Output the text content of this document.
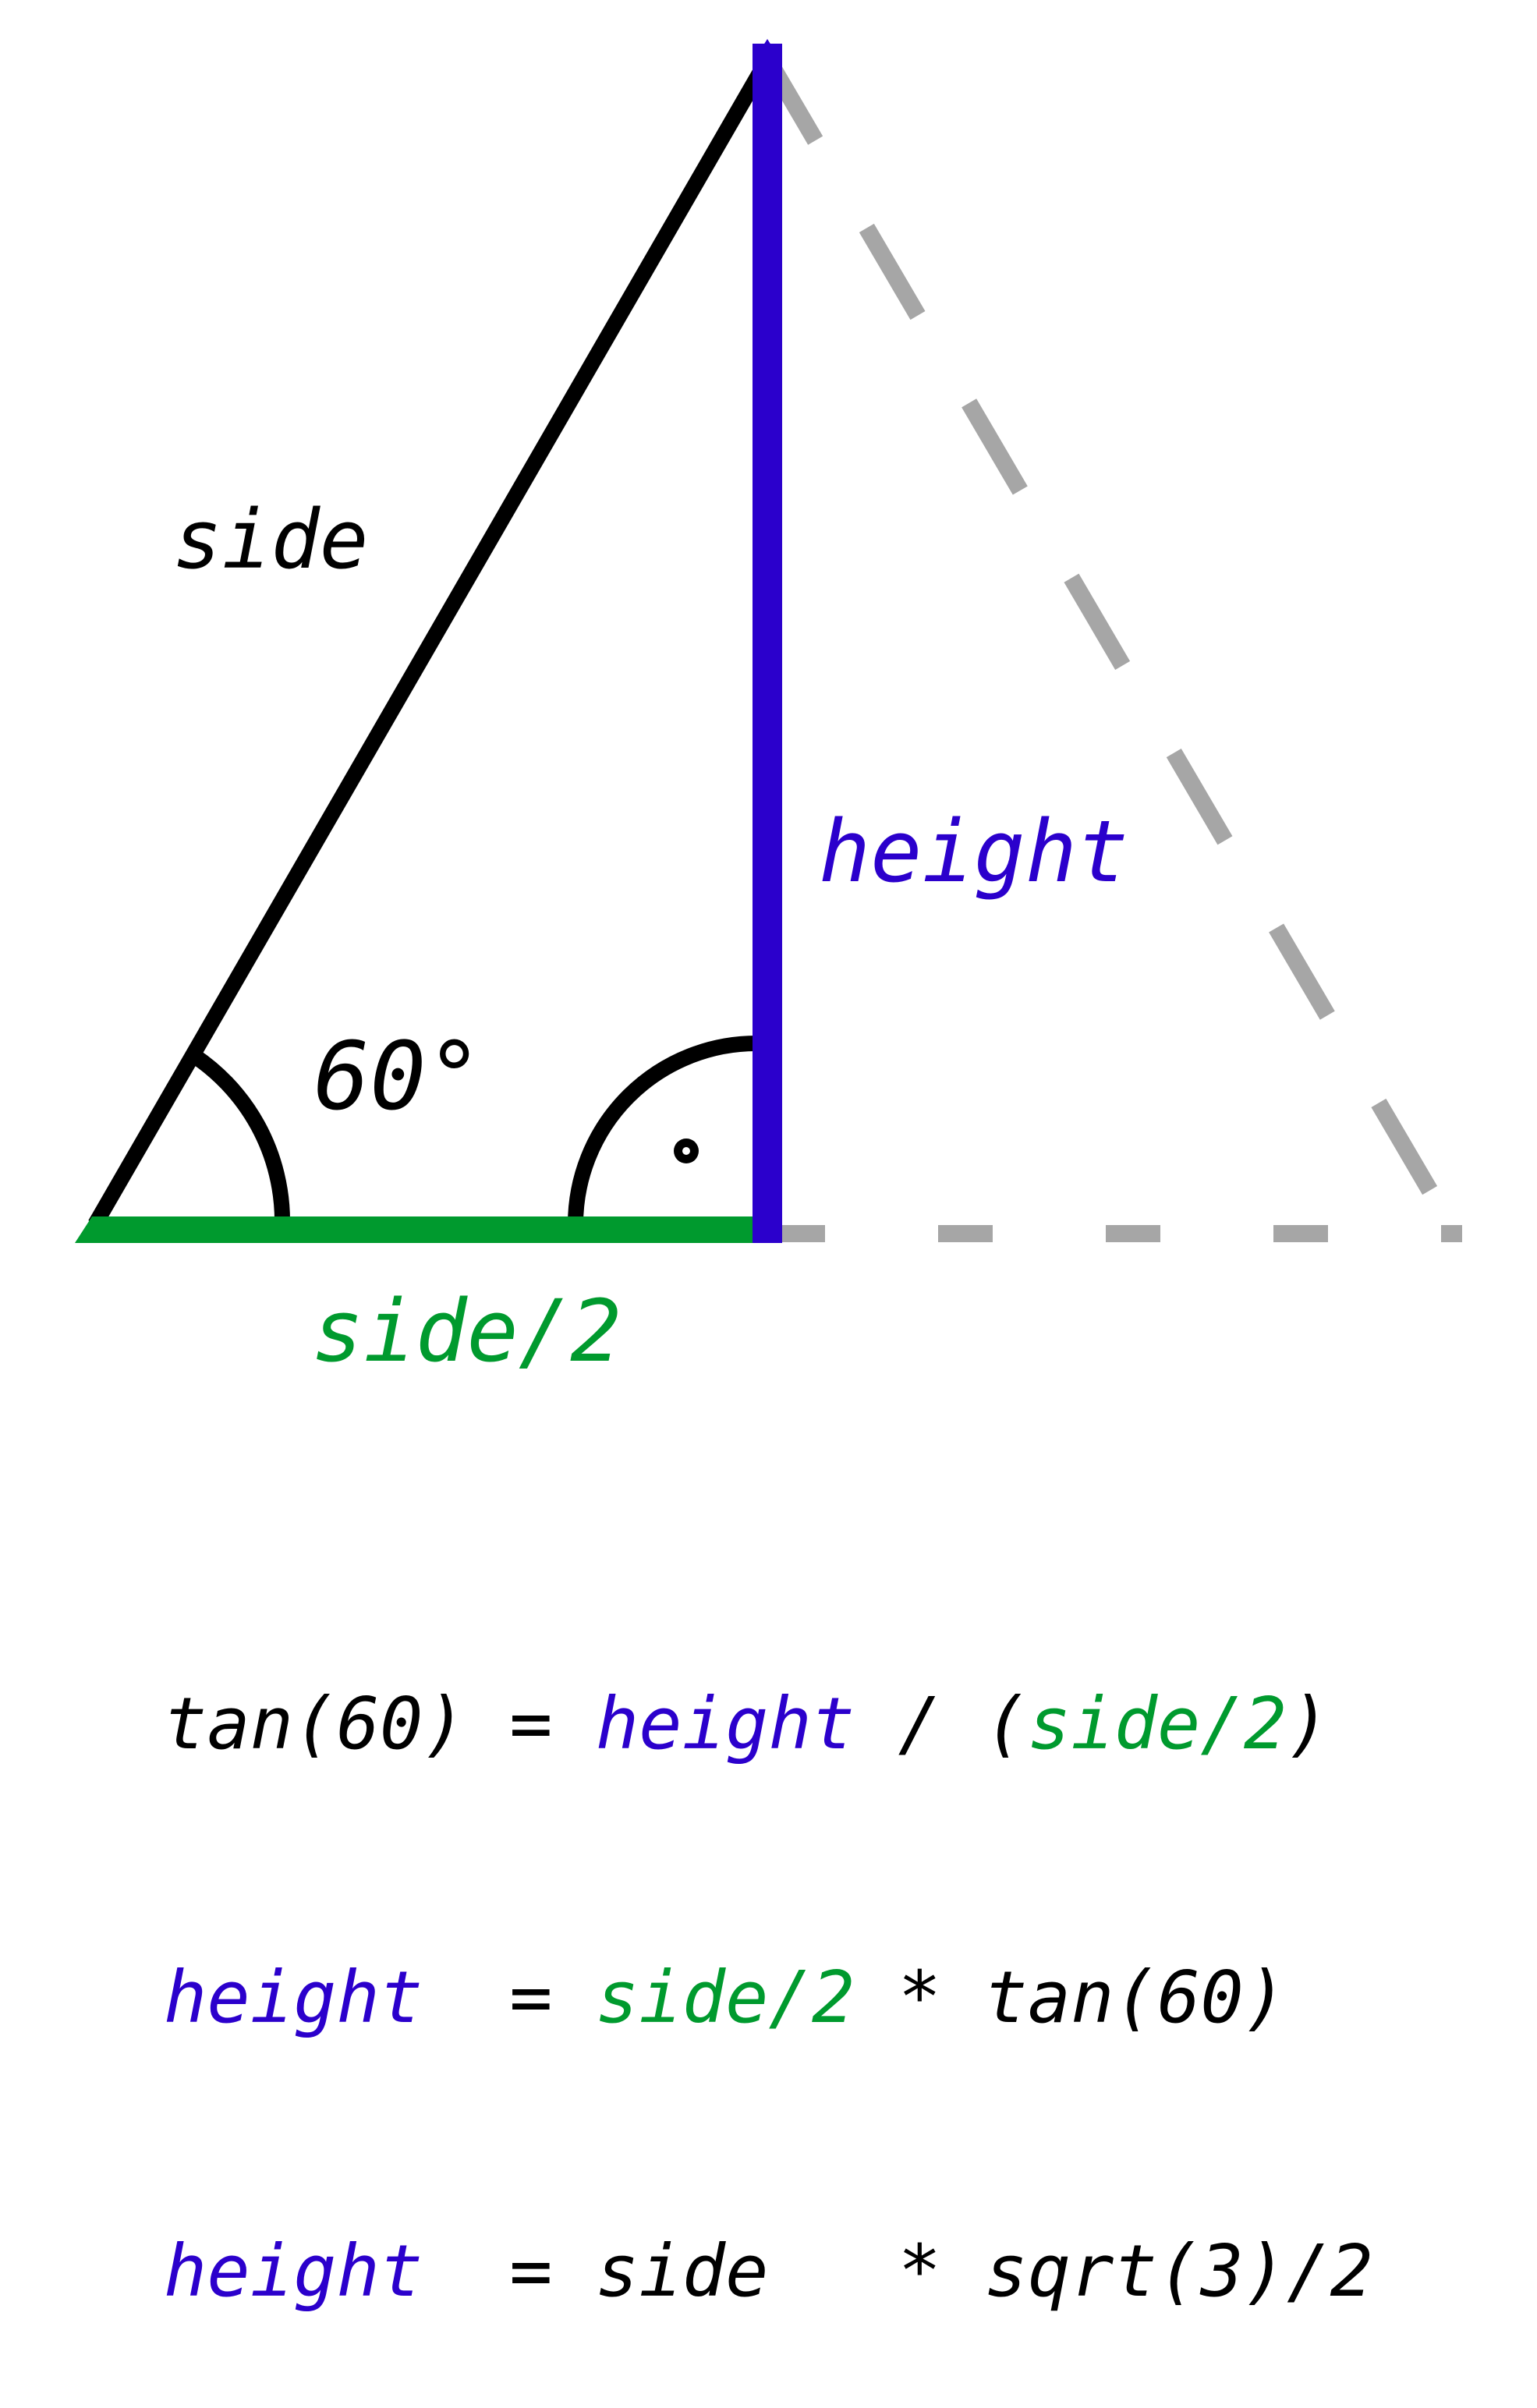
side
height
60°
side/2

tan(60) = height / (side/2)

height  = side/2 * tan(60)

height  = side   * sqrt(3)/2
